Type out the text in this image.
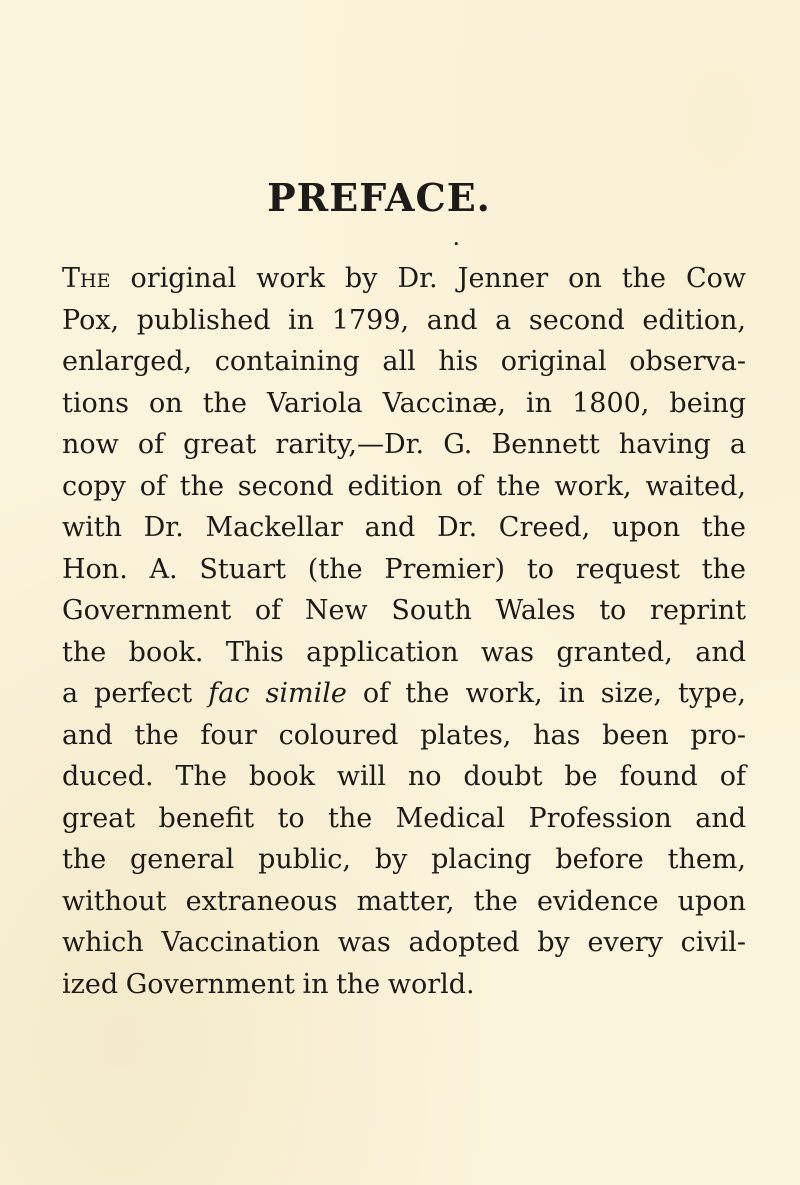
PREFACE.
•

The original work by Dr. Jenner on the Cow
Pox, published in 1799, and a second edition,
enlarged, containing all his original observa-
tions on the Variola Vaccinæ, in 1800, being
now of great rarity,—Dr. G. Bennett having a
copy of the second edition of the work, waited,
with Dr. Mackellar and Dr. Creed, upon the
Hon. A. Stuart (the Premier) to request the
Government of New South Wales to reprint
the book. This application was granted, and
a perfect fac simile of the work, in size, type,
and the four coloured plates, has been pro-
duced. The book will no doubt be found of
great benefit to the Medical Profession and
the general public, by placing before them,
without extraneous matter, the evidence upon
which Vaccination was adopted by every civil-
ized Government in the world.
